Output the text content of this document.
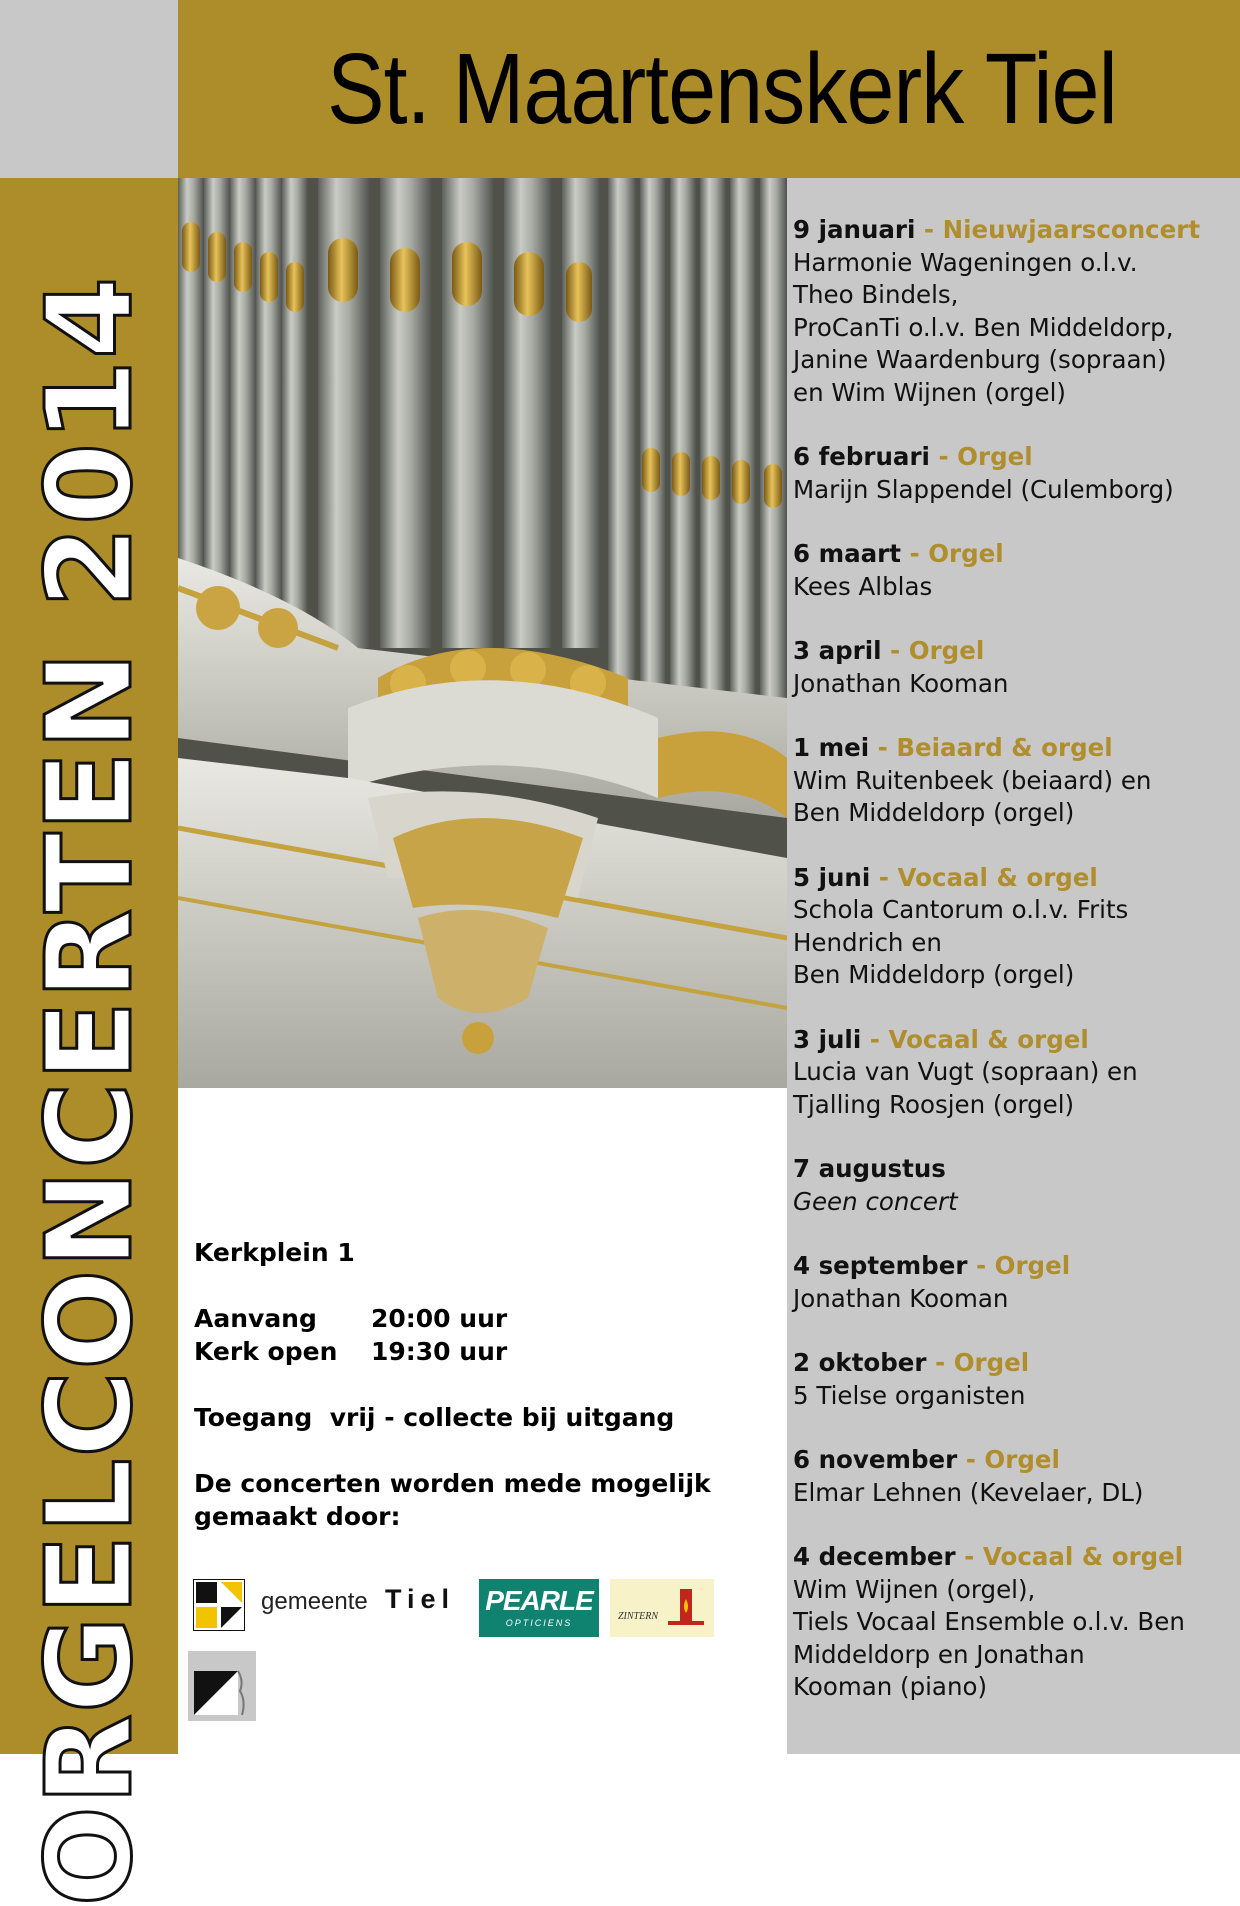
St. Maartenskerk Tiel
ORGELCONCERTEN 2014
9 januari - Nieuwjaarsconcert
Harmonie Wageningen o.l.v.
Theo Bindels,
ProCanTi o.l.v. Ben Middeldorp,
Janine Waardenburg (sopraan)
en Wim Wijnen (orgel)
6 februari - Orgel
Marijn Slappendel (Culemborg)
6 maart - Orgel
Kees Alblas
3 april - Orgel
Jonathan Kooman
1 mei - Beiaard & orgel
Wim Ruitenbeek (beiaard) en
Ben Middeldorp (orgel)
5 juni - Vocaal & orgel
Schola Cantorum o.l.v. Frits
Hendrich en
Ben Middeldorp (orgel)
3 juli - Vocaal & orgel
Lucia van Vugt (sopraan) en
Tjalling Roosjen (orgel)
7 augustus
Geen concert
4 september - Orgel
Jonathan Kooman
2 oktober - Orgel
5 Tielse organisten
6 november - Orgel
Elmar Lehnen (Kevelaer, DL)
4 december - Vocaal & orgel
Wim Wijnen (orgel),
Tiels Vocaal Ensemble o.l.v. Ben
Middeldorp en Jonathan
Kooman (piano)
Kerkplein 1
Aanvang 20:00 uur
Kerk open 19:30 uur
Toegang  vrij - collecte bij uitgang
De concerten worden mede mogelijk
gemaakt door:
gemeente Tiel PEARLE
OPTICIENS
ZINTERN
